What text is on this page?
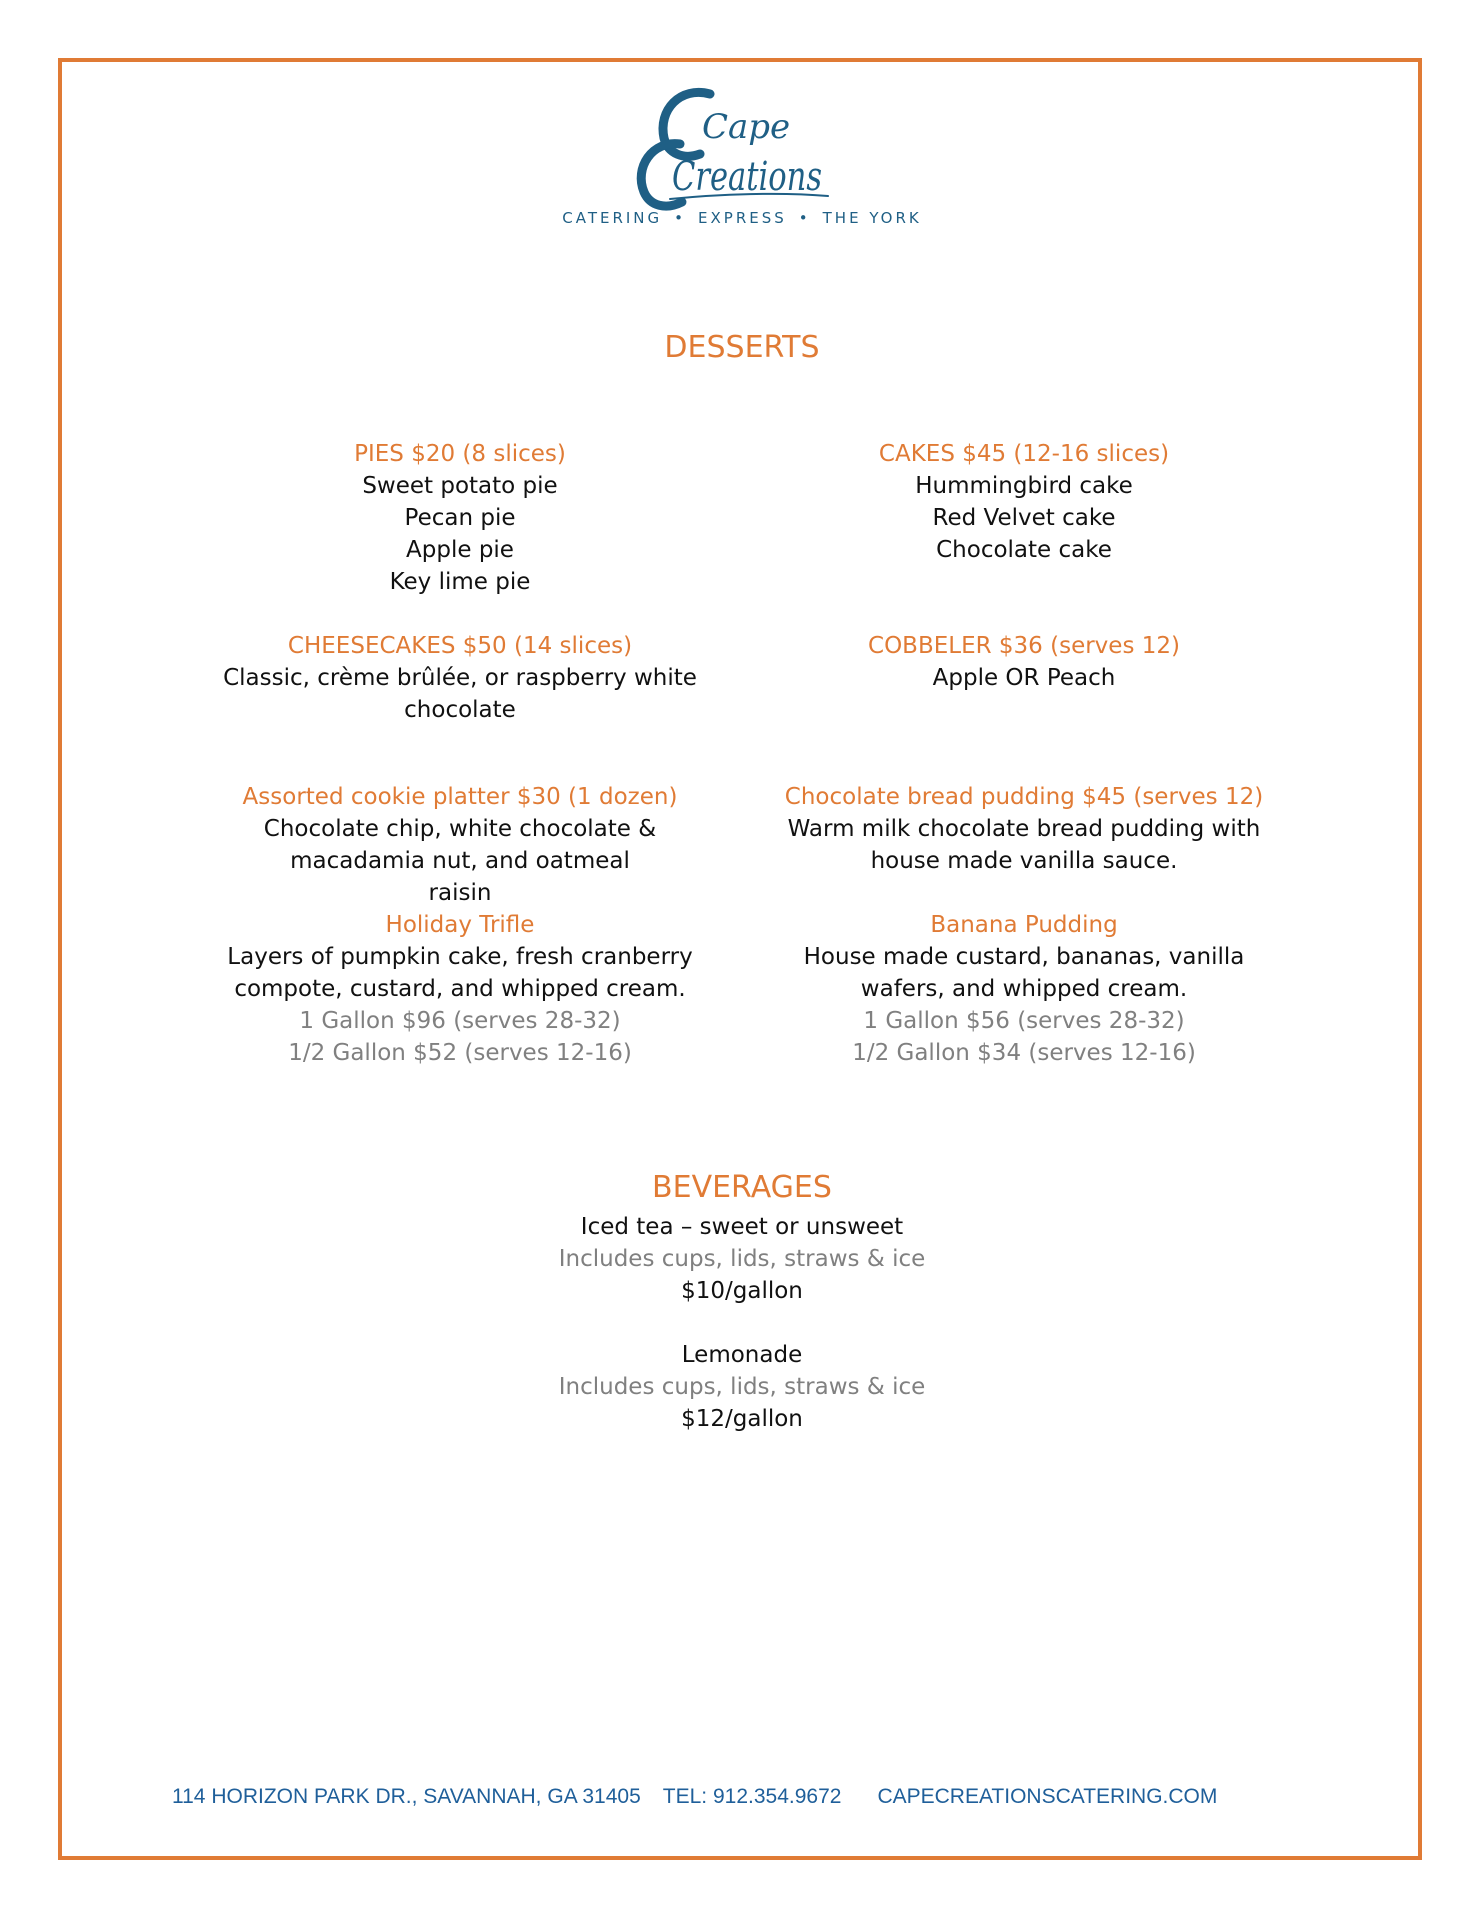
Cape
Creations
CATERING • EXPRESS • THE YORK
DESSERTS
PIES $20 (8 slices)
Sweet potato pie
Pecan pie
Apple pie
Key lime pie
CAKES $45 (12-16 slices)
Hummingbird cake
Red Velvet cake
Chocolate cake
CHEESECAKES $50 (14 slices)
Classic, crème brûlée, or raspberry white chocolate
COBBELER $36 (serves 12)
Apple OR Peach
Assorted cookie platter $30 (1 dozen)
Chocolate chip, white chocolate & macadamia nut, and oatmeal raisin
Chocolate bread pudding $45 (serves 12)
Warm milk chocolate bread pudding with house made vanilla sauce.
Holiday Trifle
Layers of pumpkin cake, fresh cranberry compote, custard, and whipped cream.
1 Gallon $96 (serves 28-32)
1/2 Gallon $52 (serves 12-16)
Banana Pudding
House made custard, bananas, vanilla wafers, and whipped cream.
1 Gallon $56 (serves 28-32)
1/2 Gallon $34 (serves 12-16)
BEVERAGES
Iced tea – sweet or unsweet
Includes cups, lids, straws & ice
$10/gallon
Lemonade
Includes cups, lids, straws & ice
$12/gallon
114 HORIZON PARK DR., SAVANNAH, GA 31405 TEL: 912.354.9672 CAPECREATIONSCATERING.COM
